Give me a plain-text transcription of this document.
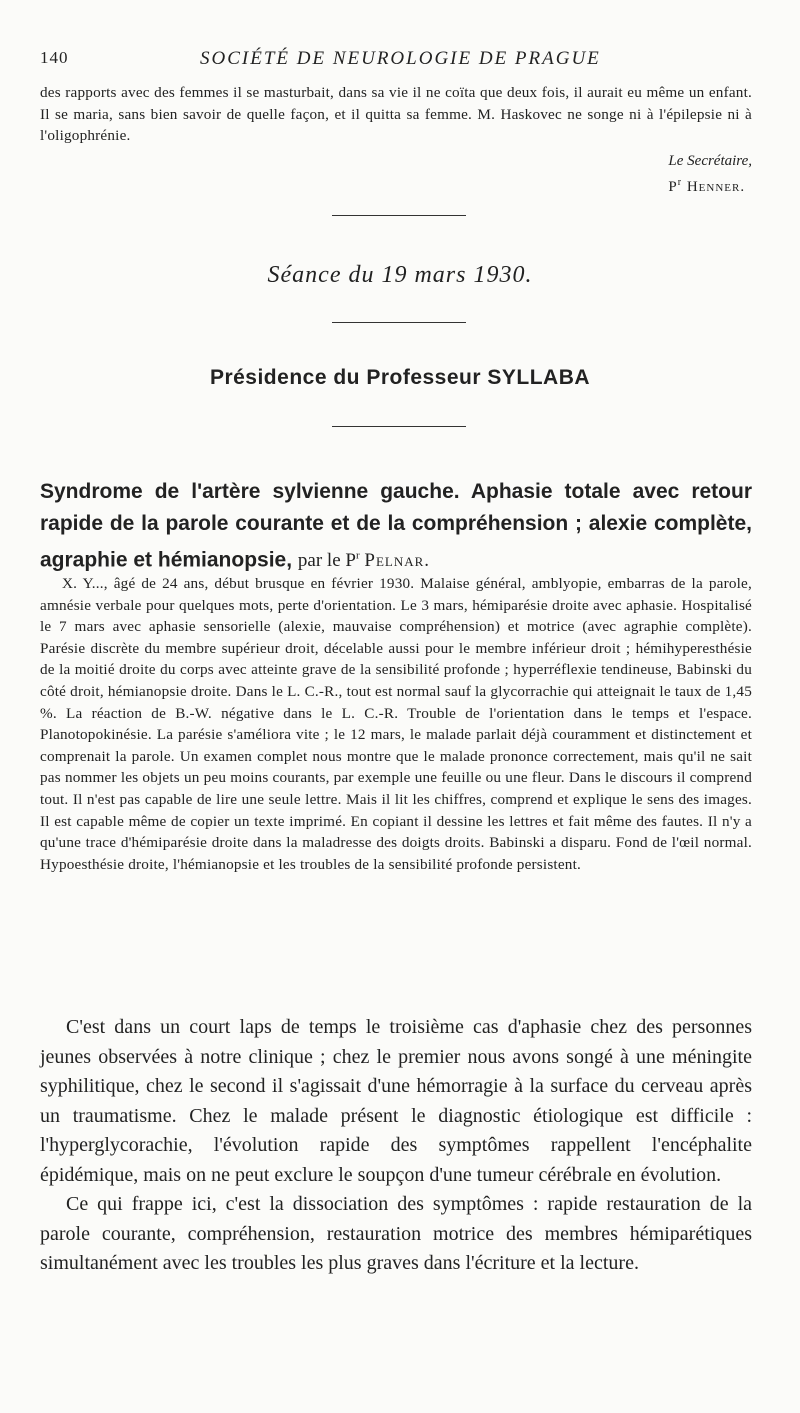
140	SOCIÉTÉ DE NEUROLOGIE DE PRAGUE
des rapports avec des femmes il se masturbait, dans sa vie il ne coïta que deux fois, il aurait eu même un enfant. Il se maria, sans bien savoir de quelle façon, et il quitta sa femme. M. Haskovec ne songe ni à l'épilepsie ni à l'oligophrénie.
Le Secrétaire,
$P^r$ Henner.
Séance du 19 mars 1930.
Présidence du Professeur SYLLABA
Syndrome de l'artère sylvienne gauche. Aphasie totale avec retour rapide de la parole courante et de la compréhension ; alexie complète, agraphie et hémianopsie, par le $P^r$ Pelnar.
X. Y..., âgé de 24 ans, début brusque en février 1930. Malaise général, amblyopie, embarras de la parole, amnésie verbale pour quelques mots, perte d'orientation. Le 3 mars, hémiparésie droite avec aphasie. Hospitalisé le 7 mars avec aphasie sensorielle (alexie, mauvaise compréhension) et motrice (avec agraphie complète). Parésie discrète du membre supérieur droit, décelable aussi pour le membre inférieur droit ; hémihyperesthésie de la moitié droite du corps avec atteinte grave de la sensibilité profonde ; hyperréflexie tendineuse, Babinski du côté droit, hémianopsie droite. Dans le L. C.-R., tout est normal sauf la glycorrachie qui atteignait le taux de 1,45 %. La réaction de B.-W. négative dans le L. C.-R. Trouble de l'orientation dans le temps et l'espace. Planotopokinésie. La parésie s'améliora vite ; le 12 mars, le malade parlait déjà couramment et distinctement et comprenait la parole. Un examen complet nous montre que le malade prononce correctement, mais qu'il ne sait pas nommer les objets un peu moins courants, par exemple une feuille ou une fleur. Dans le discours il comprend tout. Il n'est pas capable de lire une seule lettre. Mais il lit les chiffres, comprend et explique le sens des images. Il est capable même de copier un texte imprimé. En copiant il dessine les lettres et fait même des fautes. Il n'y a qu'une trace d'hémiparésie droite dans la maladresse des doigts droits. Babinski a disparu. Fond de l'œil normal. Hypoesthésie droite, l'hémianopsie et les troubles de la sensibilité profonde persistent.

C'est dans un court laps de temps le troisième cas d'aphasie chez des personnes jeunes observées à notre clinique ; chez le premier nous avons songé à une méningite syphilitique, chez le second il s'agissait d'une hémorragie à la surface du cerveau après un traumatisme. Chez le malade présent le diagnostic étiologique est difficile : l'hyperglycorachie, l'évolution rapide des symptômes rappellent l'encéphalite épidémique, mais on ne peut exclure le soupçon d'une tumeur cérébrale en évolution.

Ce qui frappe ici, c'est la dissociation des symptômes : rapide restauration de la parole courante, compréhension, restauration motrice des membres hémiparétiques simultanément avec les troubles les plus graves dans l'écriture et la lecture.
